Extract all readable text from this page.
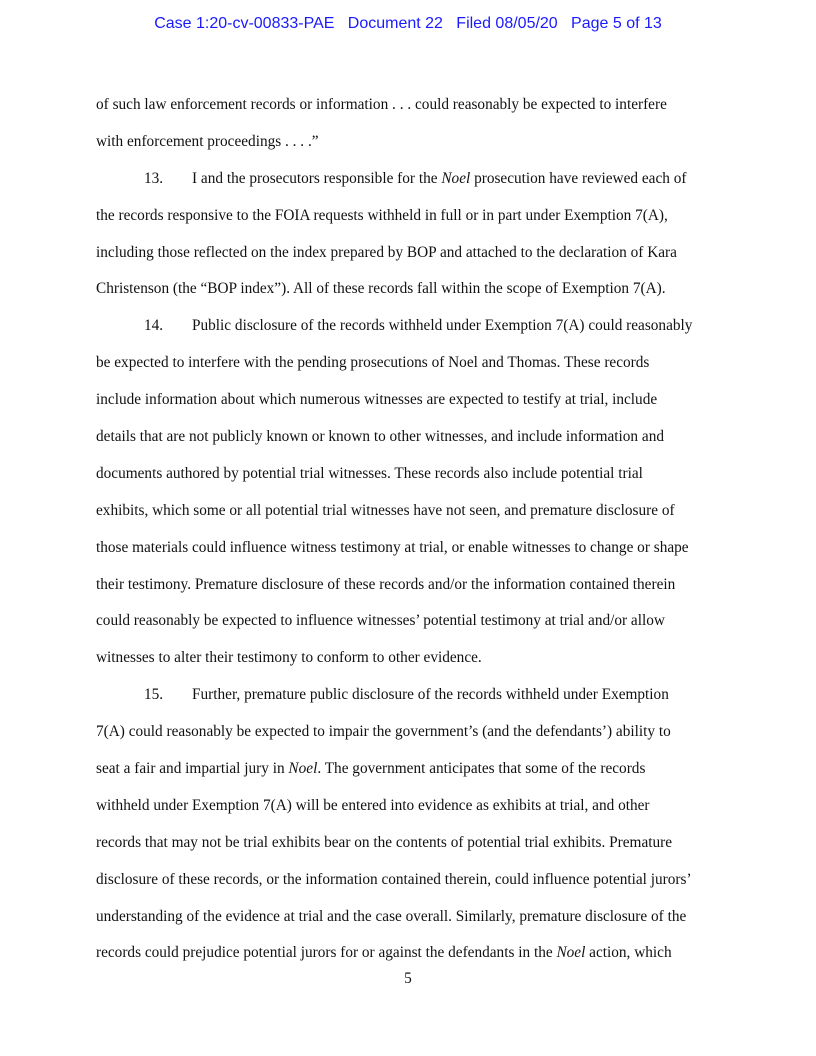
Case 1:20-cv-00833-PAE Document 22 Filed 08/05/20 Page 5 of 13
of such law enforcement records or information . . . could reasonably be expected to interfere
with enforcement proceedings . . . .”
13. I and the prosecutors responsible for the Noel prosecution have reviewed each of
the records responsive to the FOIA requests withheld in full or in part under Exemption 7(A),
including those reflected on the index prepared by BOP and attached to the declaration of Kara
Christenson (the “BOP index”). All of these records fall within the scope of Exemption 7(A).
14. Public disclosure of the records withheld under Exemption 7(A) could reasonably
be expected to interfere with the pending prosecutions of Noel and Thomas. These records
include information about which numerous witnesses are expected to testify at trial, include
details that are not publicly known or known to other witnesses, and include information and
documents authored by potential trial witnesses. These records also include potential trial
exhibits, which some or all potential trial witnesses have not seen, and premature disclosure of
those materials could influence witness testimony at trial, or enable witnesses to change or shape
their testimony. Premature disclosure of these records and/or the information contained therein
could reasonably be expected to influence witnesses’ potential testimony at trial and/or allow
witnesses to alter their testimony to conform to other evidence.
15. Further, premature public disclosure of the records withheld under Exemption
7(A) could reasonably be expected to impair the government’s (and the defendants’) ability to
seat a fair and impartial jury in Noel. The government anticipates that some of the records
withheld under Exemption 7(A) will be entered into evidence as exhibits at trial, and other
records that may not be trial exhibits bear on the contents of potential trial exhibits. Premature
disclosure of these records, or the information contained therein, could influence potential jurors’
understanding of the evidence at trial and the case overall. Similarly, premature disclosure of the
records could prejudice potential jurors for or against the defendants in the Noel action, which
5
